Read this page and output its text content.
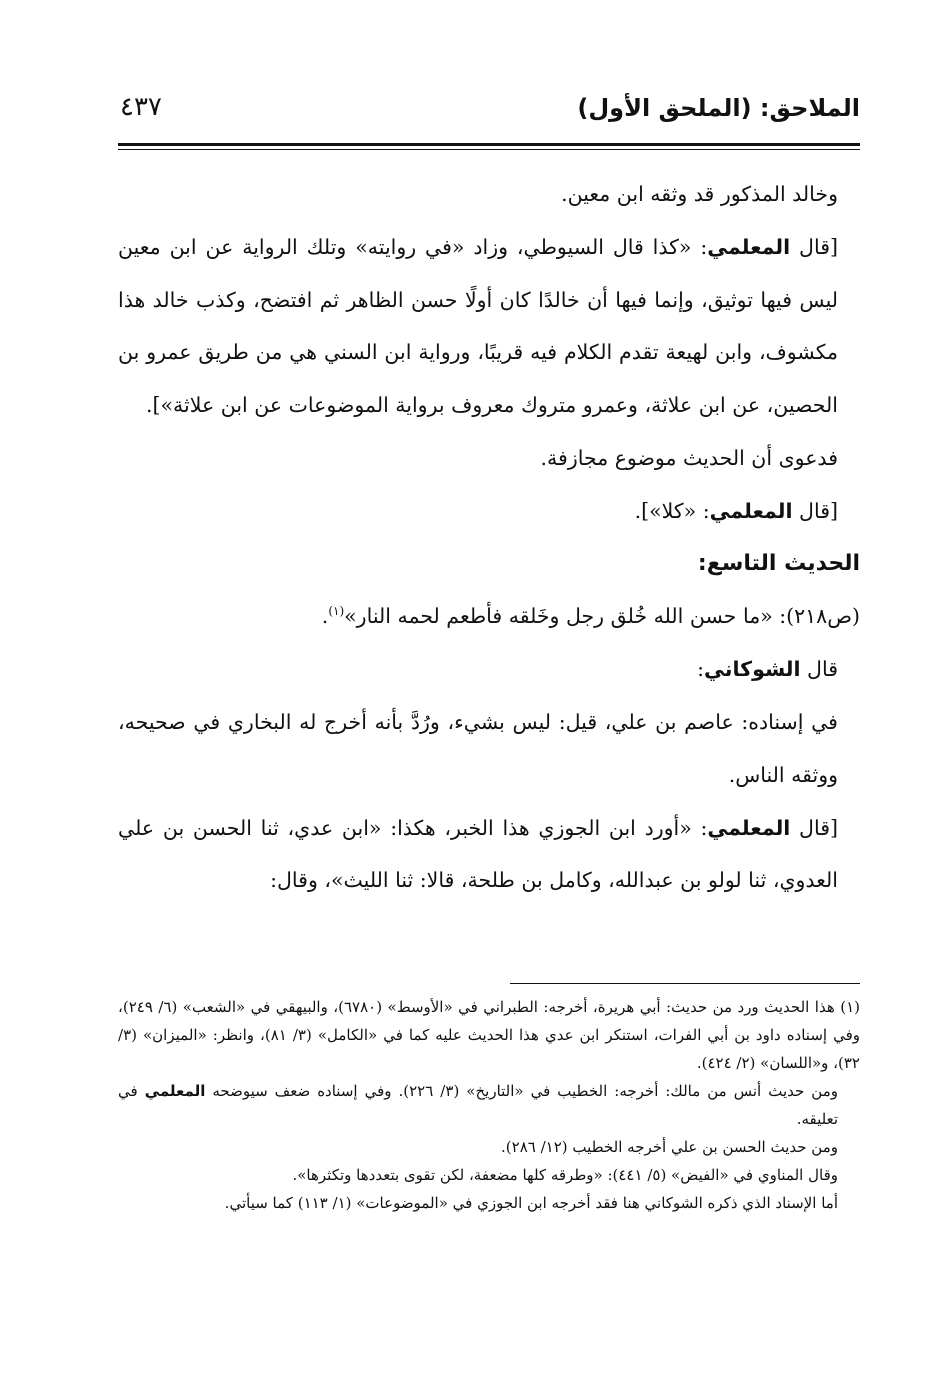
الملاحق: (الملحق الأول)
٤٣٧

وخالد المذكور قد وثقه ابن معين.

[قال المعلمي: «كذا قال السيوطي، وزاد «في روايته» وتلك الرواية عن ابن معين ليس فيها توثيق، وإنما فيها أن خالدًا كان أولًا حسن الظاهر ثم افتضح، وكذب خالد هذا مكشوف، وابن لهيعة تقدم الكلام فيه قريبًا، ورواية ابن السني هي من طريق عمرو بن الحصين، عن ابن علاثة، وعمرو متروك معروف برواية الموضوعات عن ابن علاثة»].

فدعوى أن الحديث موضوع مجازفة.

[قال المعلمي: «كلا»].

الحديث التاسع:

(ص٢١٨): «ما حسن الله خُلق رجل وخَلقه فأطعم لحمه النار»$^{(١)}$.

قال الشوكاني:

في إسناده: عاصم بن علي، قيل: ليس بشيء، ورُدَّ بأنه أخرج له البخاري في صحيحه، ووثقه الناس.

[قال المعلمي: «أورد ابن الجوزي هذا الخبر، هكذا: «ابن عدي، ثنا الحسن بن علي العدوي، ثنا لولو بن عبدالله، وكامل بن طلحة، قالا: ثنا الليث»، وقال:

(١) هذا الحديث ورد من حديث: أبي هريرة، أخرجه: الطبراني في «الأوسط» (٦٧٨٠)، والبيهقي في «الشعب» (٦/ ٢٤٩)، وفي إسناده داود بن أبي الفرات، استنكر ابن عدي هذا الحديث عليه كما في «الكامل» (٣/ ٨١)، وانظر: «الميزان» (٣/ ٣٢)، و«اللسان» (٢/ ٤٢٤).

ومن حديث أنس من مالك: أخرجه: الخطيب في «التاريخ» (٣/ ٢٢٦). وفي إسناده ضعف سيوضحه المعلمي في تعليقه.

ومن حديث الحسن بن علي أخرجه الخطيب (١٢/ ٢٨٦).

وقال المناوي في «الفيض» (٥/ ٤٤١): «وطرقه كلها مضعفة، لكن تقوى بتعددها وتكثرها».

أما الإسناد الذي ذكره الشوكاني هنا فقد أخرجه ابن الجوزي في «الموضوعات» (١/ ١١٣) كما سيأتي.
